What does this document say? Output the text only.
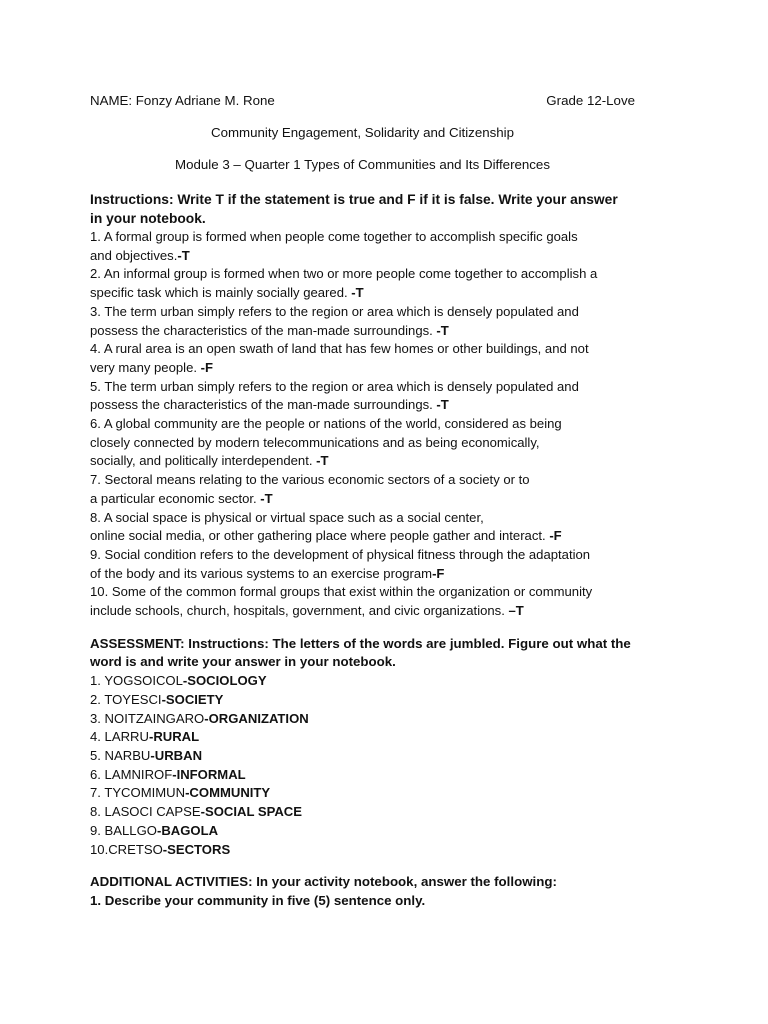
NAME: Fonzy Adriane M. Rone	Grade 12-Love
Community Engagement, Solidarity and Citizenship
Module 3 – Quarter 1 Types of Communities and Its Differences
Instructions: Write T if the statement is true and F if it is false. Write your answer in your notebook.
1. A formal group is formed when people come together to accomplish specific goals
and objectives.-T
2. An informal group is formed when two or more people come together to accomplish a
specific task which is mainly socially geared. -T
3. The term urban simply refers to the region or area which is densely populated and
possess the characteristics of the man-made surroundings. -T
4. A rural area is an open swath of land that has few homes or other buildings, and not
very many people. -F
5. The term urban simply refers to the region or area which is densely populated and
possess the characteristics of the man-made surroundings. -T
6. A global community are the people or nations of the world, considered as being
closely connected by modern telecommunications and as being economically,
socially, and politically interdependent. -T
7. Sectoral means relating to the various economic sectors of a society or to
a particular economic sector. -T
8. A social space is physical or virtual space such as a social center,
online social media, or other gathering place where people gather and interact. -F
9. Social condition refers to the development of physical fitness through the adaptation
of the body and its various systems to an exercise program-F
10. Some of the common formal groups that exist within the organization or community
include schools, church, hospitals, government, and civic organizations. –T
ASSESSMENT: Instructions: The letters of the words are jumbled. Figure out what the word is and write your answer in your notebook.
1. YOGSOICOL-SOCIOLOGY
2. TOYESCI-SOCIETY
3. NOITZAINGARO-ORGANIZATION
4. LARRU-RURAL
5. NARBU-URBAN
6. LAMNIROF-INFORMAL
7. TYCOMIMUN-COMMUNITY
8. LASOCI CAPSE-SOCIAL SPACE
9. BALLGO-BAGOLA
10.CRETSO-SECTORS
ADDITIONAL ACTIVITIES: In your activity notebook, answer the following:
1. Describe your community in five (5) sentence only.
